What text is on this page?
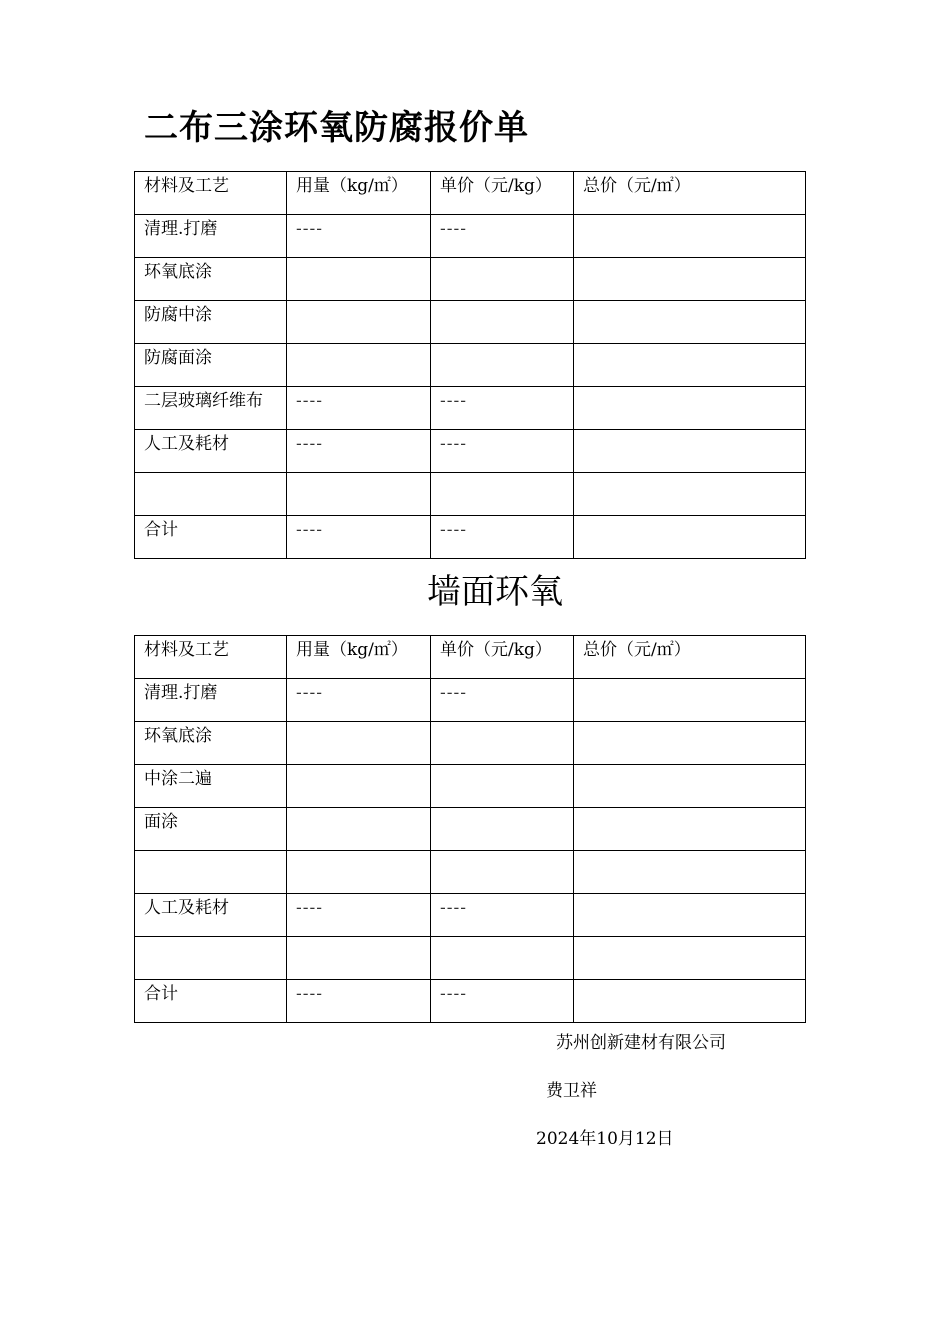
二布三涂环氧防腐报价单
材料及工艺	用量（kg/㎡）	单价（元/kg）	总价（元/㎡）
清理.打磨	----	----	
环氧底涂			
防腐中涂			
防腐面涂			
二层玻璃纤维布	----	----	
人工及耗材	----	----	

合计	----	----	
墙面环氧
材料及工艺	用量（kg/㎡）	单价（元/kg）	总价（元/㎡）
清理.打磨	----	----	
环氧底涂			
中涂二遍			
面涂			

人工及耗材	----	----	

合计	----	----	
苏州创新建材有限公司
费卫祥
2024年10月12日
